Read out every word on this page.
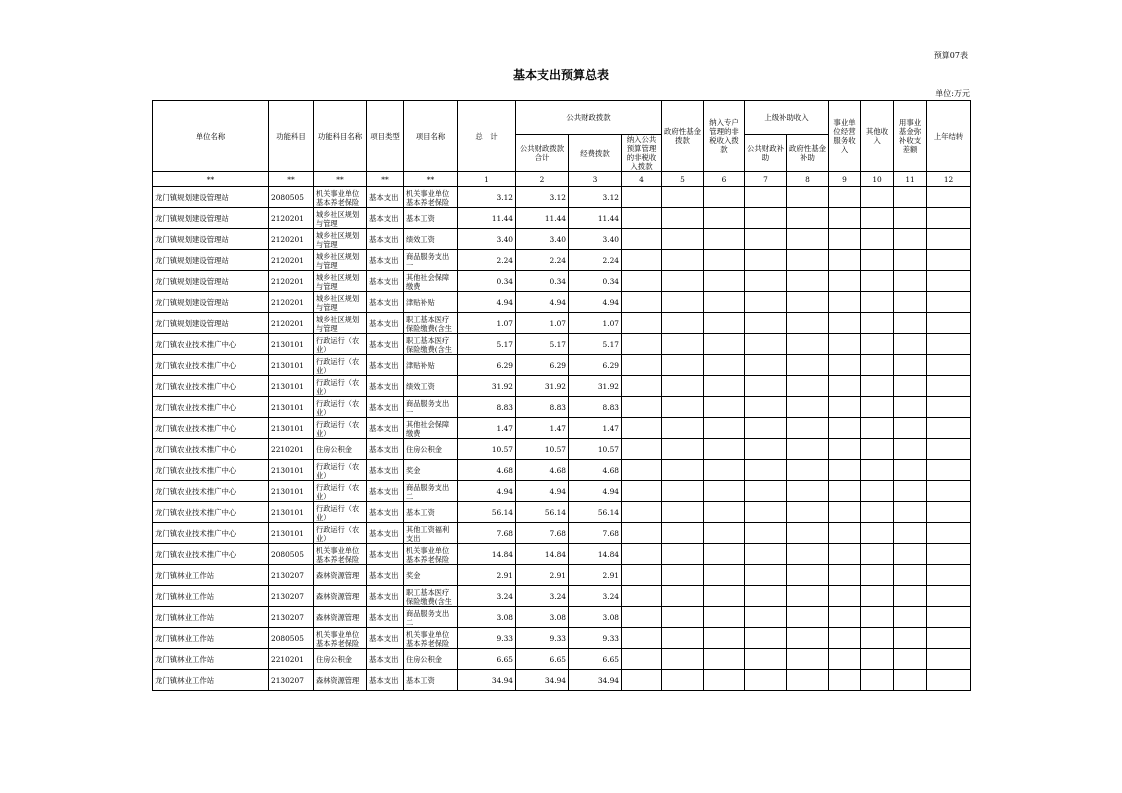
预算07表
基本支出预算总表
单位:万元
单位名称	功能科目	功能科目名称	项目类型	项目名称	总　计	公共财政拨款			政府性基金拨款	纳入专户管理的非税收入拨款	上级补助收入		事业单位经营服务收入	其他收入	用事业基金弥补收支差额	上年结转
						公共财政拨款合计	经费拨款	纳入公共预算管理的非税收入拨款			公共财政补助	政府性基金补助				
**	**	**	**	**	1	2	3	4	5	6	7	8	9	10	11	12
龙门镇规划建设管理站	2080505	机关事业单位基本养老保险	基本支出	机关事业单位基本养老保险	3.12	3.12	3.12									
龙门镇规划建设管理站	2120201	城乡社区规划与管理	基本支出	基本工资	11.44	11.44	11.44									
龙门镇规划建设管理站	2120201	城乡社区规划与管理	基本支出	绩效工资	3.40	3.40	3.40									
龙门镇规划建设管理站	2120201	城乡社区规划与管理	基本支出	商品服务支出一	2.24	2.24	2.24									
龙门镇规划建设管理站	2120201	城乡社区规划与管理	基本支出	其他社会保障缴费	0.34	0.34	0.34									
龙门镇规划建设管理站	2120201	城乡社区规划与管理	基本支出	津贴补贴	4.94	4.94	4.94									
龙门镇规划建设管理站	2120201	城乡社区规划与管理	基本支出	职工基本医疗保险缴费(含生	1.07	1.07	1.07									
龙门镇农业技术推广中心	2130101	行政运行（农业）	基本支出	职工基本医疗保险缴费(含生	5.17	5.17	5.17									
龙门镇农业技术推广中心	2130101	行政运行（农业）	基本支出	津贴补贴	6.29	6.29	6.29									
龙门镇农业技术推广中心	2130101	行政运行（农业）	基本支出	绩效工资	31.92	31.92	31.92									
龙门镇农业技术推广中心	2130101	行政运行（农业）	基本支出	商品服务支出一	8.83	8.83	8.83									
龙门镇农业技术推广中心	2130101	行政运行（农业）	基本支出	其他社会保障缴费	1.47	1.47	1.47									
龙门镇农业技术推广中心	2210201	住房公积金	基本支出	住房公积金	10.57	10.57	10.57									
龙门镇农业技术推广中心	2130101	行政运行（农业）	基本支出	奖金	4.68	4.68	4.68									
龙门镇农业技术推广中心	2130101	行政运行（农业）	基本支出	商品服务支出二	4.94	4.94	4.94									
龙门镇农业技术推广中心	2130101	行政运行（农业）	基本支出	基本工资	56.14	56.14	56.14									
龙门镇农业技术推广中心	2130101	行政运行（农业）	基本支出	其他工资福利支出	7.68	7.68	7.68									
龙门镇农业技术推广中心	2080505	机关事业单位基本养老保险	基本支出	机关事业单位基本养老保险	14.84	14.84	14.84									
龙门镇林业工作站	2130207	森林资源管理	基本支出	奖金	2.91	2.91	2.91									
龙门镇林业工作站	2130207	森林资源管理	基本支出	职工基本医疗保险缴费(含生	3.24	3.24	3.24									
龙门镇林业工作站	2130207	森林资源管理	基本支出	商品服务支出二	3.08	3.08	3.08									
龙门镇林业工作站	2080505	机关事业单位基本养老保险	基本支出	机关事业单位基本养老保险	9.33	9.33	9.33									
龙门镇林业工作站	2210201	住房公积金	基本支出	住房公积金	6.65	6.65	6.65									
龙门镇林业工作站	2130207	森林资源管理	基本支出	基本工资	34.94	34.94	34.94									
